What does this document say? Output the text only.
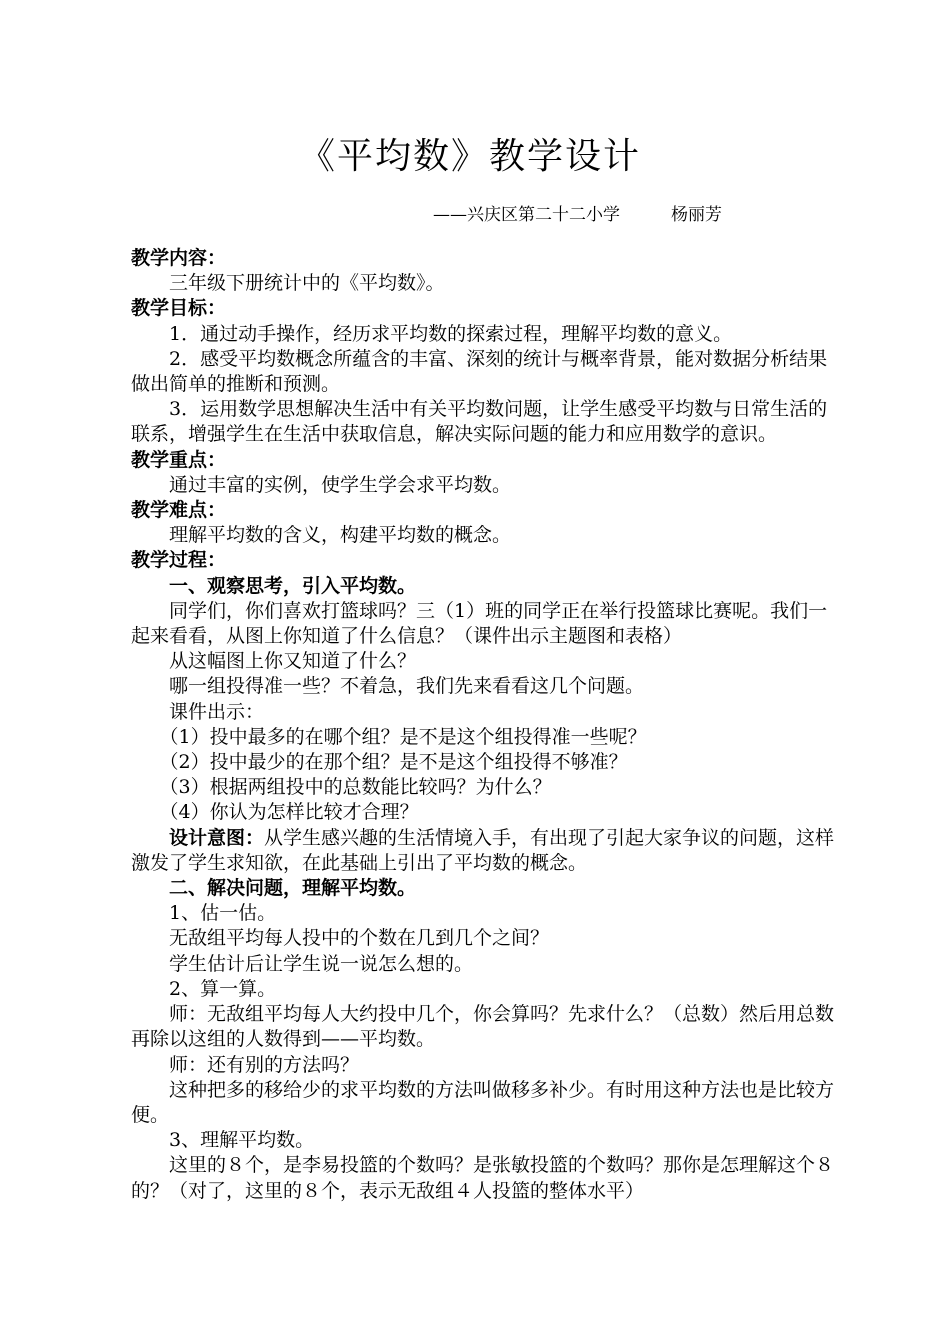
《平均数》教学设计
——兴庆区第二十二小学　　　杨丽芳

教学内容：

三年级下册统计中的《平均数》。

教学目标：

1．通过动手操作，经历求平均数的探索过程，理解平均数的意义。

2．感受平均数概念所蕴含的丰富、深刻的统计与概率背景，能对数据分析结果做出简单的推断和预测。

3．运用数学思想解决生活中有关平均数问题，让学生感受平均数与日常生活的联系，增强学生在生活中获取信息，解决实际问题的能力和应用数学的意识。

教学重点：

通过丰富的实例，使学生学会求平均数。

教学难点：

理解平均数的含义，构建平均数的概念。

教学过程：

一、观察思考，引入平均数。

同学们，你们喜欢打篮球吗？三（1）班的同学正在举行投篮球比赛呢。我们一起来看看，从图上你知道了什么信息？（课件出示主题图和表格）

从这幅图上你又知道了什么？

哪一组投得准一些？不着急，我们先来看看这几个问题。

课件出示：

（1）投中最多的在哪个组？是不是这个组投得准一些呢？

（2）投中最少的在那个组？是不是这个组投得不够准？

（3）根据两组投中的总数能比较吗？为什么？

（4）你认为怎样比较才合理？

设计意图：从学生感兴趣的生活情境入手，有出现了引起大家争议的问题，这样激发了学生求知欲，在此基础上引出了平均数的概念。

二、解决问题，理解平均数。

1、估一估。

无敌组平均每人投中的个数在几到几个之间？

学生估计后让学生说一说怎么想的。

2、算一算。

师：无敌组平均每人大约投中几个，你会算吗？先求什么？（总数）然后用总数再除以这组的人数得到——平均数。

师：还有别的方法吗？

这种把多的移给少的求平均数的方法叫做移多补少。有时用这种方法也是比较方便。

3、理解平均数。

这里的８个，是李易投篮的个数吗？是张敏投篮的个数吗？那你是怎理解这个８的？（对了，这里的８个，表示无敌组４人投篮的整体水平）
